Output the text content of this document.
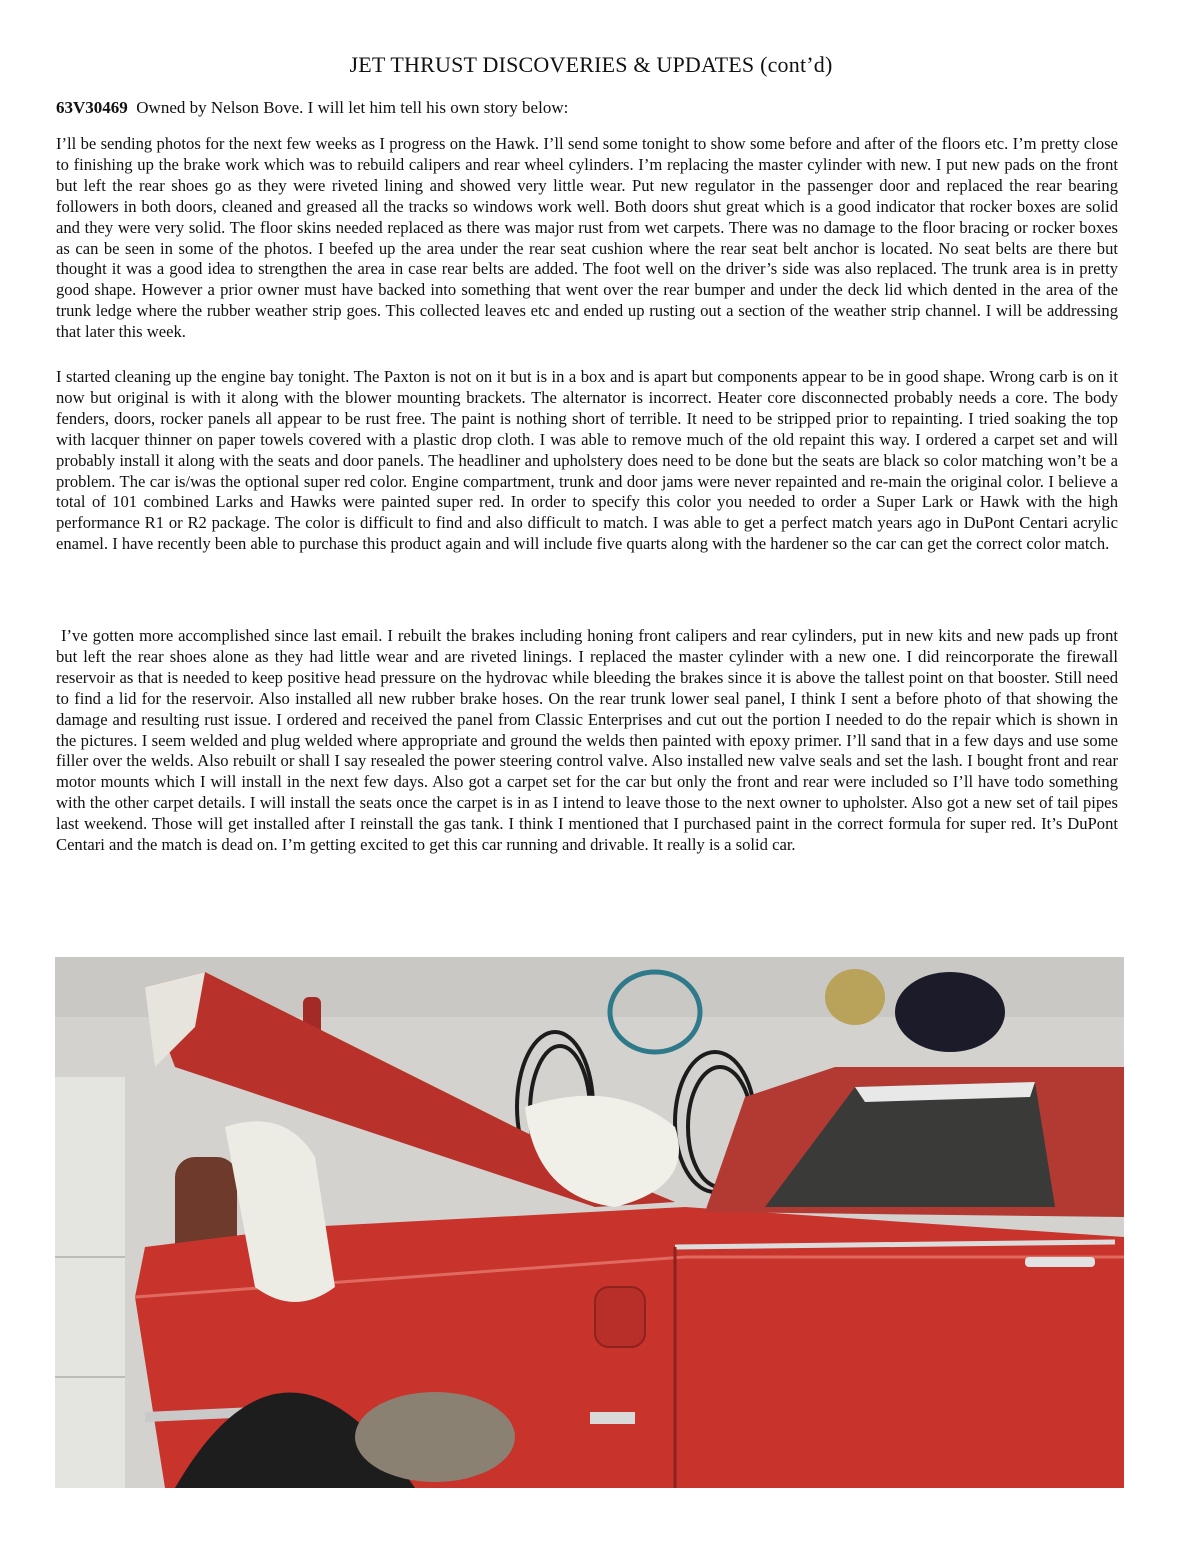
JET THRUST DISCOVERIES & UPDATES (cont’d)
63V30469 Owned by Nelson Bove. I will let him tell his own story below:
I’ll be sending photos for the next few weeks as I progress on the Hawk. I’ll send some tonight to show some before and after of the floors etc. I’m pretty close to finishing up the brake work which was to rebuild calipers and rear wheel cylinders. I’m replacing the master cylinder with new. I put new pads on the front but left the rear shoes go as they were riveted lining and showed very little wear. Put new regulator in the passenger door and replaced the rear bearing followers in both doors, cleaned and greased all the tracks so windows work well. Both doors shut great which is a good indicator that rocker boxes are solid and they were very solid. The floor skins needed replaced as there was major rust from wet carpets. There was no damage to the floor bracing or rocker boxes as can be seen in some of the photos. I beefed up the area under the rear seat cushion where the rear seat belt anchor is located. No seat belts are there but thought it was a good idea to strengthen the area in case rear belts are added. The foot well on the driver’s side was also replaced. The trunk area is in pretty good shape. However a prior owner must have backed into something that went over the rear bumper and under the deck lid which dented in the area of the trunk ledge where the rubber weather strip goes. This collected leaves etc and ended up rusting out a section of the weather strip channel. I will be addressing that later this week.
I started cleaning up the engine bay tonight. The Paxton is not on it but is in a box and is apart but components appear to be in good shape. Wrong carb is on it now but original is with it along with the blower mounting brackets. The alternator is incorrect. Heater core disconnected probably needs a core. The body fenders, doors, rocker panels all appear to be rust free. The paint is nothing short of terrible. It need to be stripped prior to repainting. I tried soaking the top with lacquer thinner on paper towels covered with a plastic drop cloth. I was able to remove much of the old repaint this way. I ordered a carpet set and will probably install it along with the seats and door panels. The headliner and upholstery does need to be done but the seats are black so color matching won’t be a problem. The car is/was the optional super red color. Engine compartment, trunk and door jams were never repainted and re-main the original color. I believe a total of 101 combined Larks and Hawks were painted super red. In order to specify this color you needed to order a Super Lark or Hawk with the high performance R1 or R2 package. The color is difficult to find and also difficult to match. I was able to get a perfect match years ago in DuPont Centari acrylic enamel. I have recently been able to purchase this product again and will include five quarts along with the hardener so the car can get the correct color match.
I’ve gotten more accomplished since last email. I rebuilt the brakes including honing front calipers and rear cylinders, put in new kits and new pads up front but left the rear shoes alone as they had little wear and are riveted linings. I replaced the master cylinder with a new one. I did reincorporate the firewall reservoir as that is needed to keep positive head pressure on the hydrovac while bleeding the brakes since it is above the tallest point on that booster. Still need to find a lid for the reservoir. Also installed all new rubber brake hoses. On the rear trunk lower seal panel, I think I sent a before photo of that showing the damage and resulting rust issue. I ordered and received the panel from Classic Enterprises and cut out the portion I needed to do the repair which is shown in the pictures. I seem welded and plug welded where appropriate and ground the welds then painted with epoxy primer. I’ll sand that in a few days and use some filler over the welds. Also rebuilt or shall I say resealed the power steering control valve. Also installed new valve seals and set the lash. I bought front and rear motor mounts which I will install in the next few days. Also got a carpet set for the car but only the front and rear were included so I’ll have todo something with the other carpet details. I will install the seats once the carpet is in as I intend to leave those to the next owner to upholster. Also got a new set of tail pipes last weekend. Those will get installed after I reinstall the gas tank. I think I mentioned that I purchased paint in the correct formula for super red. It’s DuPont Centari and the match is dead on. I’m getting excited to get this car running and drivable. It really is a solid car.
